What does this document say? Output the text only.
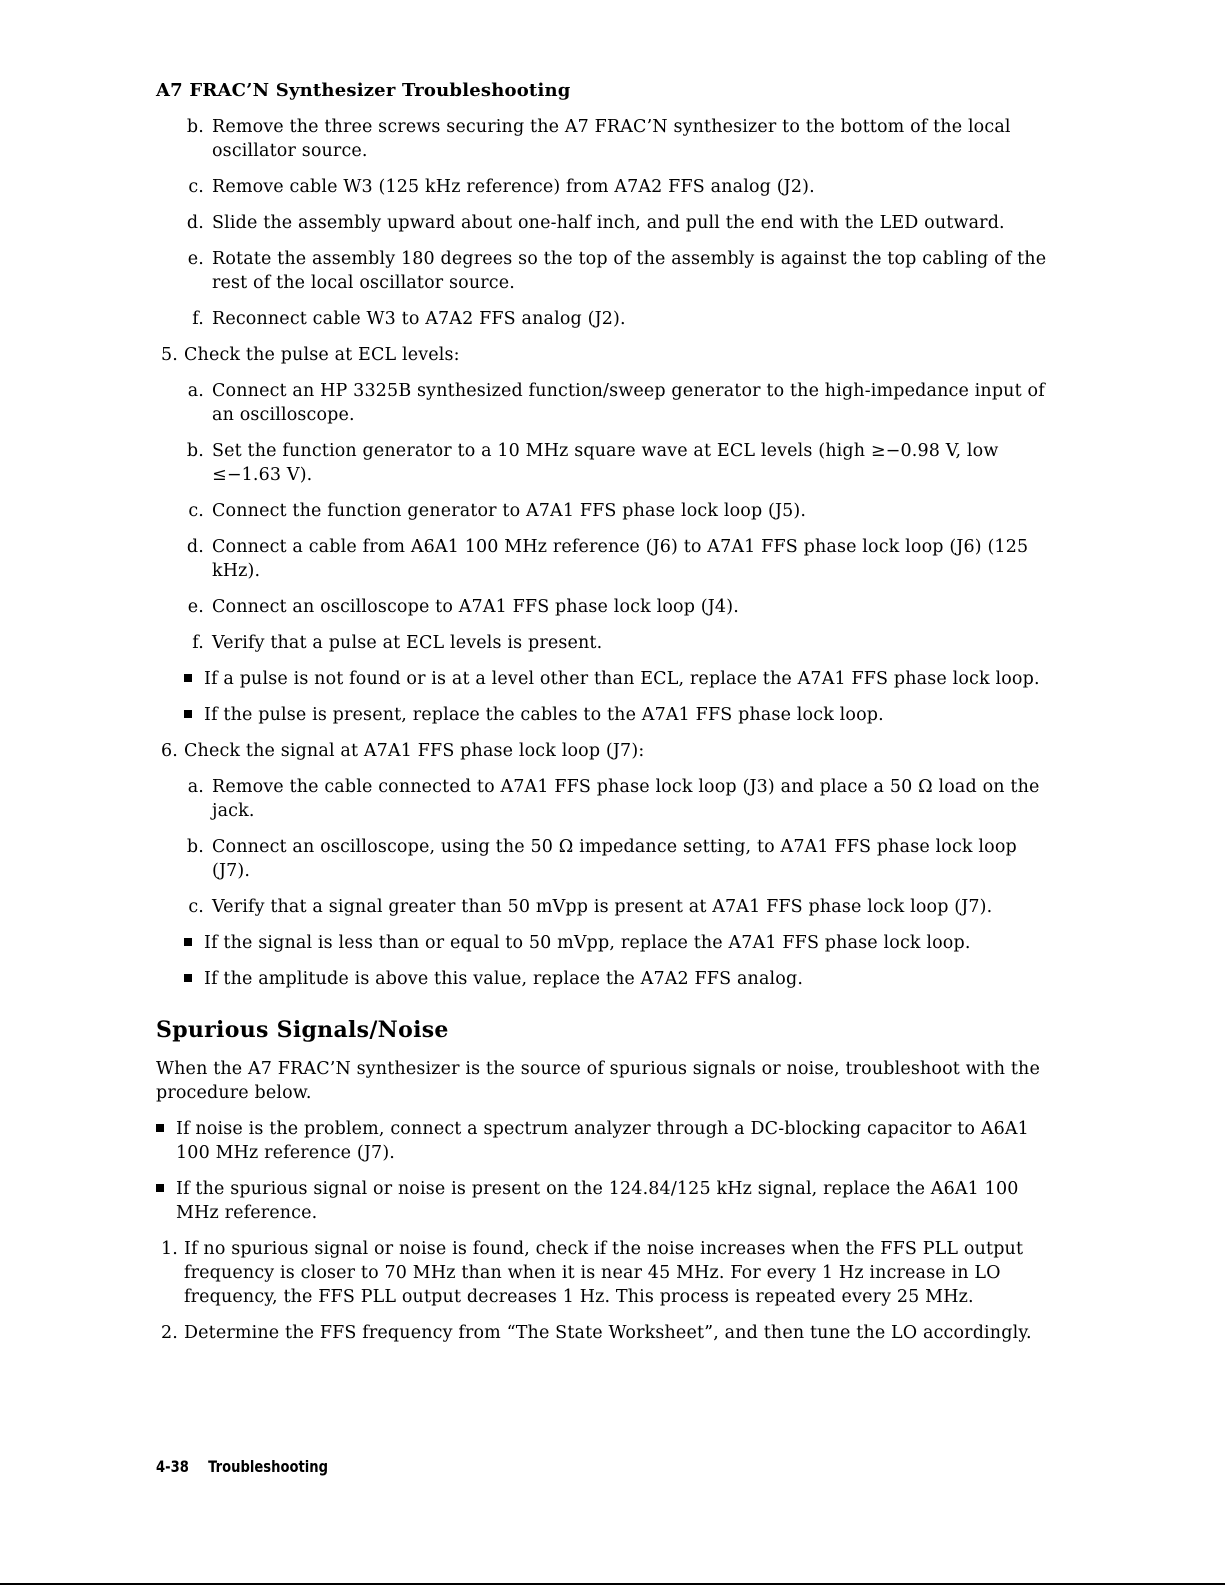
A7 FRAC’N Synthesizer Troubleshooting
b. Remove the three screws securing the A7 FRAC’N synthesizer to the bottom of the local oscillator source.
c. Remove cable W3 (125 kHz reference) from A7A2 FFS analog (J2).
d. Slide the assembly upward about one-half inch, and pull the end with the LED outward.
e. Rotate the assembly 180 degrees so the top of the assembly is against the top cabling of the rest of the local oscillator source.
f. Reconnect cable W3 to A7A2 FFS analog (J2).
5. Check the pulse at ECL levels:
a. Connect an HP 3325B synthesized function/sweep generator to the high-impedance input of an oscilloscope.
b. Set the function generator to a 10 MHz square wave at ECL levels (high ≥−0.98 V, low ≤−1.63 V).
c. Connect the function generator to A7A1 FFS phase lock loop (J5).
d. Connect a cable from A6A1 100 MHz reference (J6) to A7A1 FFS phase lock loop (J6) (125 kHz).
e. Connect an oscilloscope to A7A1 FFS phase lock loop (J4).
f. Verify that a pulse at ECL levels is present.
If a pulse is not found or is at a level other than ECL, replace the A7A1 FFS phase lock loop.
If the pulse is present, replace the cables to the A7A1 FFS phase lock loop.
6. Check the signal at A7A1 FFS phase lock loop (J7):
a. Remove the cable connected to A7A1 FFS phase lock loop (J3) and place a 50 Ω load on the jack.
b. Connect an oscilloscope, using the 50 Ω impedance setting, to A7A1 FFS phase lock loop (J7).
c. Verify that a signal greater than 50 mVpp is present at A7A1 FFS phase lock loop (J7).
If the signal is less than or equal to 50 mVpp, replace the A7A1 FFS phase lock loop.
If the amplitude is above this value, replace the A7A2 FFS analog.
Spurious Signals/Noise
When the A7 FRAC’N synthesizer is the source of spurious signals or noise, troubleshoot with the procedure below.
If noise is the problem, connect a spectrum analyzer through a DC-blocking capacitor to A6A1 100 MHz reference (J7).
If the spurious signal or noise is present on the 124.84/125 kHz signal, replace the A6A1 100 MHz reference.
1. If no spurious signal or noise is found, check if the noise increases when the FFS PLL output frequency is closer to 70 MHz than when it is near 45 MHz. For every 1 Hz increase in LO frequency, the FFS PLL output decreases 1 Hz. This process is repeated every 25 MHz.
2. Determine the FFS frequency from “The State Worksheet”, and then tune the LO accordingly.
4-38 Troubleshooting
